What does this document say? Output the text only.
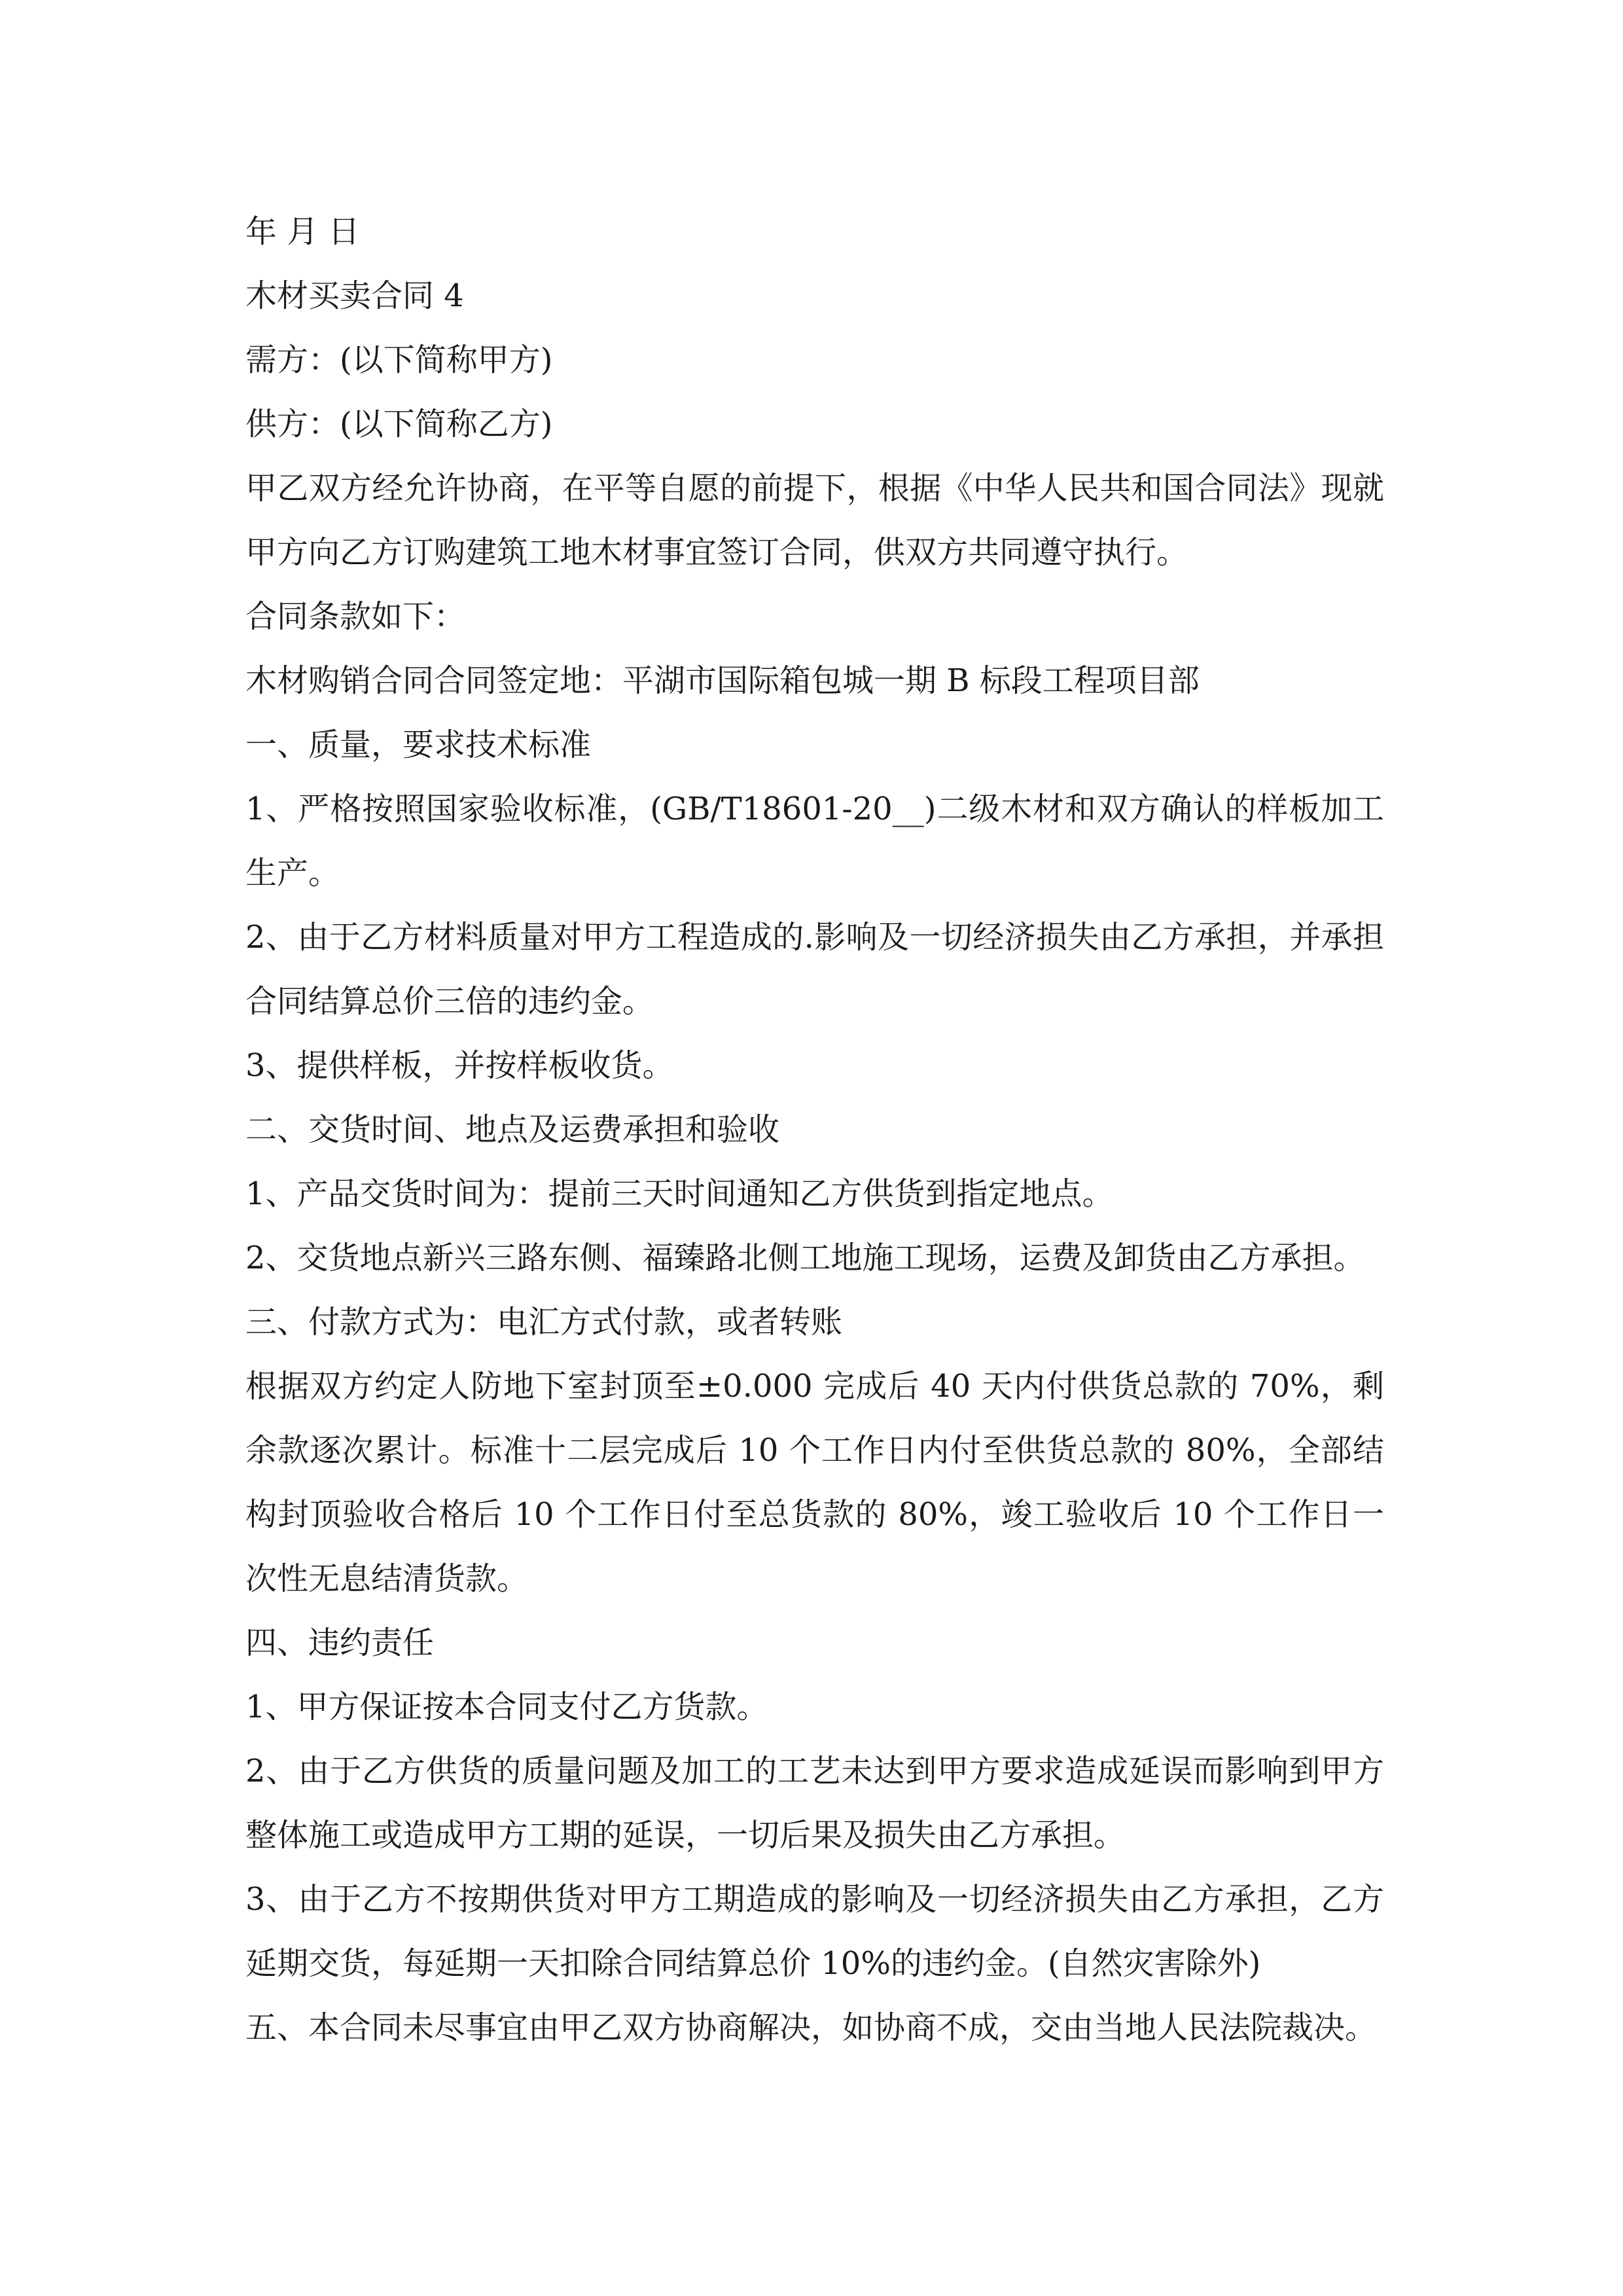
年 月 日

木材买卖合同 4

需方：(以下简称甲方)

供方：(以下简称乙方)

甲乙双方经允许协商，在平等自愿的前提下，根据《中华人民共和国合同法》现就甲方向乙方订购建筑工地木材事宜签订合同，供双方共同遵守执行。

合同条款如下：

木材购销合同合同签定地：平湖市国际箱包城一期 B 标段工程项目部

一、质量，要求技术标准

1、严格按照国家验收标准，(GB/T18601-20__)二级木材和双方确认的样板加工生产。

2、由于乙方材料质量对甲方工程造成的.影响及一切经济损失由乙方承担，并承担合同结算总价三倍的违约金。

3、提供样板，并按样板收货。

二、交货时间、地点及运费承担和验收

1、产品交货时间为：提前三天时间通知乙方供货到指定地点。

2、交货地点新兴三路东侧、福臻路北侧工地施工现场，运费及卸货由乙方承担。

三、付款方式为：电汇方式付款，或者转账

根据双方约定人防地下室封顶至±0.000 完成后 40 天内付供货总款的 70%，剩余款逐次累计。标准十二层完成后 10 个工作日内付至供货总款的 80%，全部结构封顶验收合格后 10 个工作日付至总货款的 80%，竣工验收后 10 个工作日一次性无息结清货款。

四、违约责任

1、甲方保证按本合同支付乙方货款。

2、由于乙方供货的质量问题及加工的工艺未达到甲方要求造成延误而影响到甲方整体施工或造成甲方工期的延误，一切后果及损失由乙方承担。

3、由于乙方不按期供货对甲方工期造成的影响及一切经济损失由乙方承担，乙方延期交货，每延期一天扣除合同结算总价 10%的违约金。(自然灾害除外)

五、本合同未尽事宜由甲乙双方协商解决，如协商不成，交由当地人民法院裁决。
